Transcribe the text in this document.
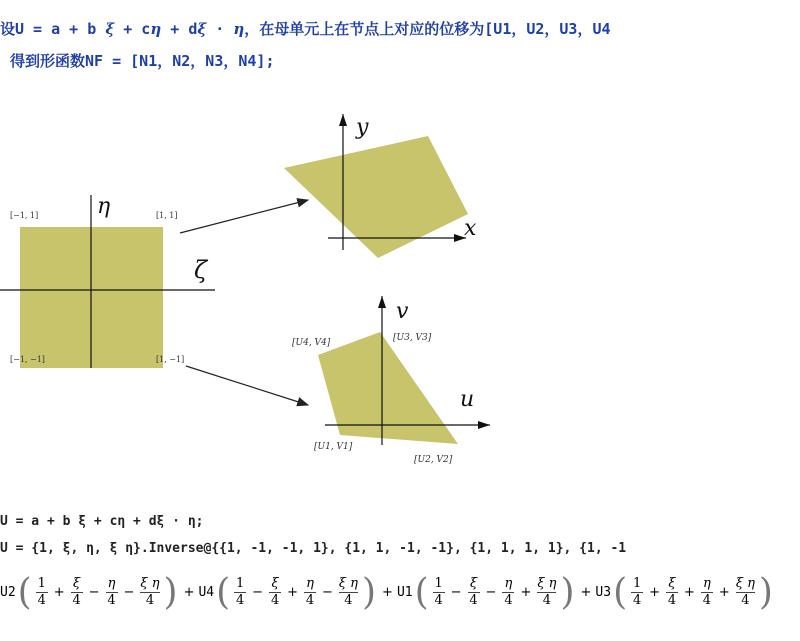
设U = a + b ξ + cη + dξ · η，在母单元上在节点上对应的位移为[U1，U2，U3，U4
得到形函数NF = [N1，N2，N3，N4];
η
ζ
[−1, 1]	[1, 1]
[−1, −1]	[1, −1]
x
y
u
v
[U1, V1]
[U2, V2]
[U3, V3]
[U4, V4]
U = a + b ξ + cη + dξ · η;
U = {1, ξ, η, ξ η}.Inverse@{{1, -1, -1, 1}, {1, 1, -1, -1}, {1, 1, 1, 1}, {1, -1
$U2( \frac{1}{4} + \frac{\xi}{4} - \frac{\eta}{4} - \frac{\text{ξ η}}{4}$ ) + $U4( \frac{1}{4} - \frac{\xi}{4} + \frac{\eta}{4} - \frac{\text{ξ η}}{4}$ ) + $U1( \frac{1}{4} - \frac{\xi}{4} - \frac{\eta}{4} + \frac{\text{ξ η}}{4}$ ) + $U3( \frac{1}{4} + \frac{\xi}{4} + \frac{\eta}{4} + \frac{\text{ξ η}}{4}$ )
